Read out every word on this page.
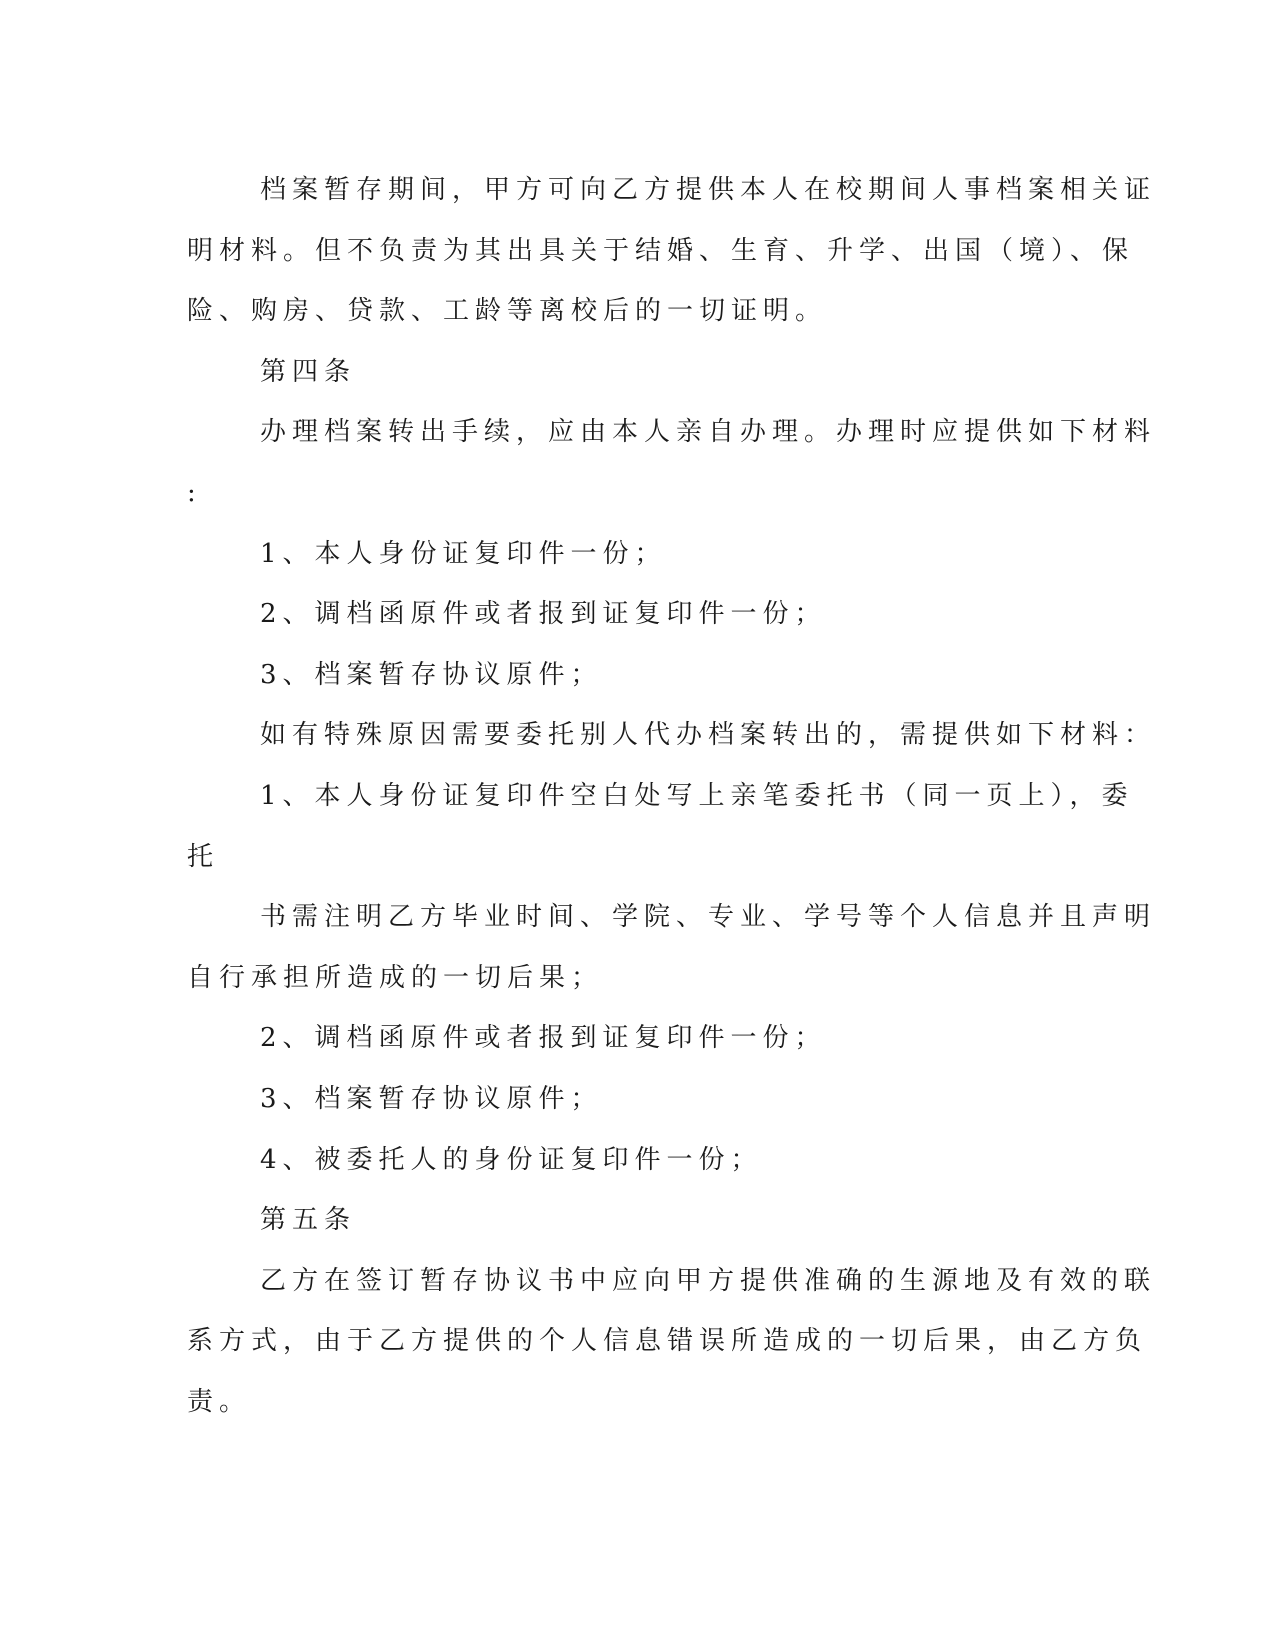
档案暂存期间，甲方可向乙方提供本人在校期间人事档案相关证
明材料。但不负责为其出具关于结婚、生育、升学、出国（境）、保
险、购房、贷款、工龄等离校后的一切证明。
第四条
办理档案转出手续，应由本人亲自办理。办理时应提供如下材料
:
1、本人身份证复印件一份；
2、调档函原件或者报到证复印件一份；
3、档案暂存协议原件；
如有特殊原因需要委托别人代办档案转出的，需提供如下材料：
1、本人身份证复印件空白处写上亲笔委托书（同一页上），委
托
书需注明乙方毕业时间、学院、专业、学号等个人信息并且声明
自行承担所造成的一切后果；
2、调档函原件或者报到证复印件一份；
3、档案暂存协议原件；
4、被委托人的身份证复印件一份；
第五条
乙方在签订暂存协议书中应向甲方提供准确的生源地及有效的联
系方式，由于乙方提供的个人信息错误所造成的一切后果，由乙方负
责。
